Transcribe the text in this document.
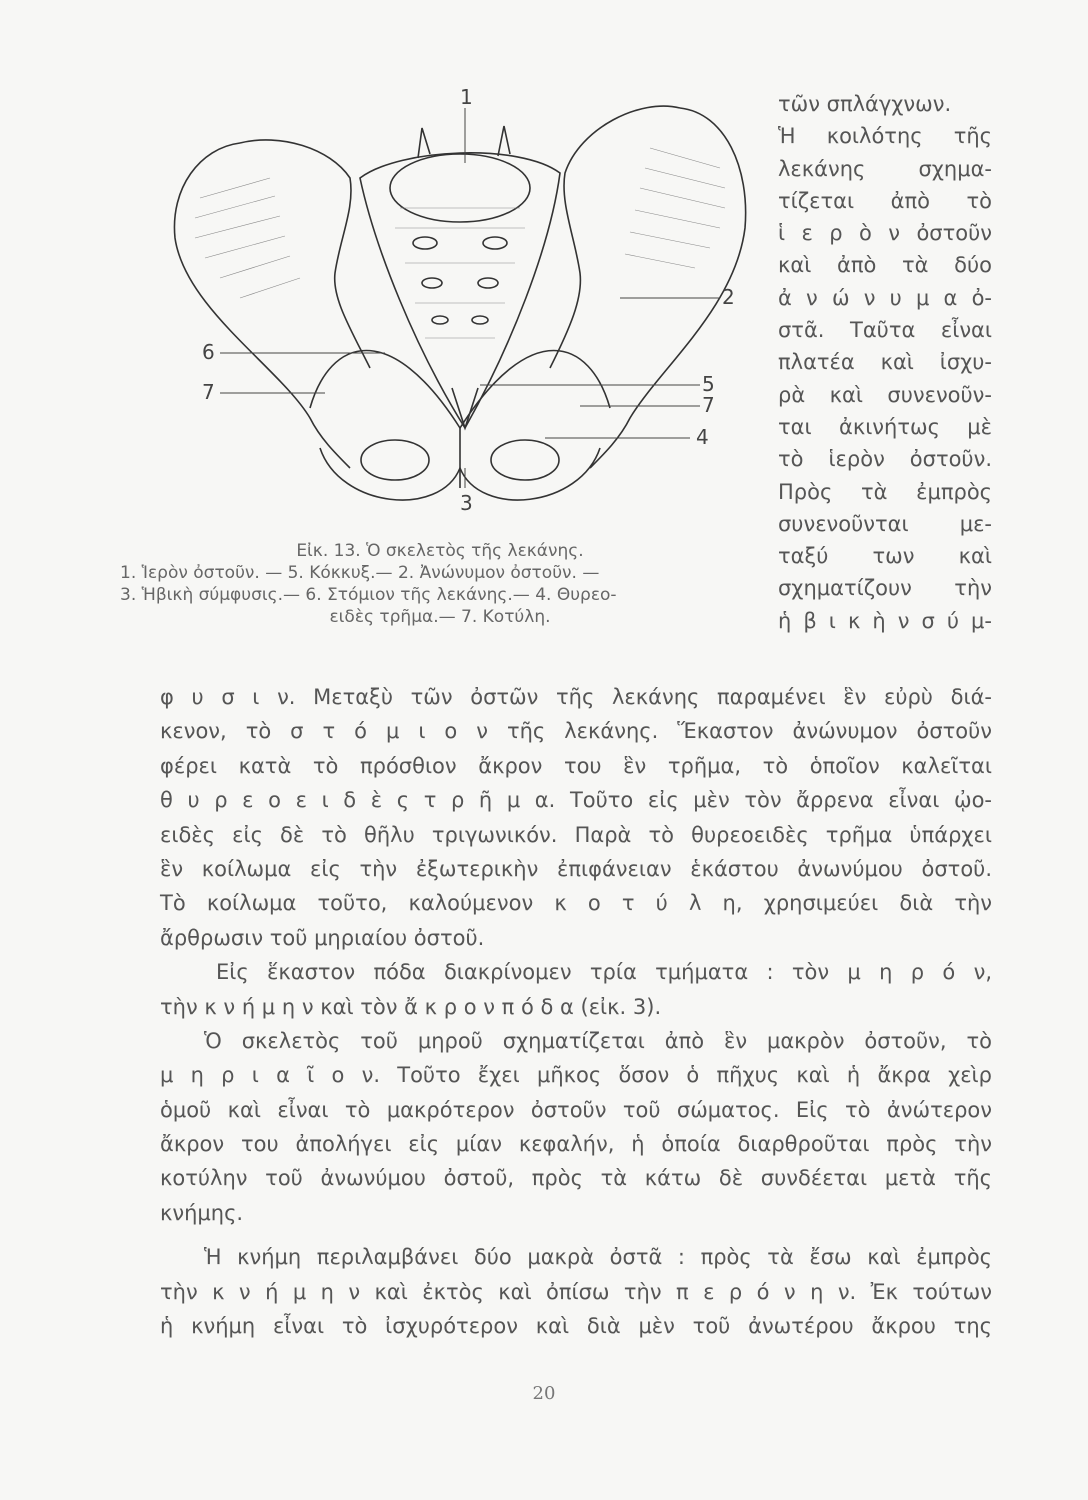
1
2
3
4
5
6
7
7
Εἰκ. 13. Ὁ σκελετὸς τῆς λεκάνης.
1. Ἱερὸν ὀστοῦν. — 5. Κόκκυξ.— 2. Ἀνώνυμον ὀστοῦν. —
3. Ἡβικὴ σύμφυσις.— 6. Στόμιον τῆς λεκάνης.— 4. Θυρεο-
ειδὲς τρῆμα.— 7. Κοτύλη.
τῶν σπλάγχνων.
Ἡ κοιλότης τῆς
λεκάνης σχημα-
τίζεται ἀπὸ τὸ
ἱ ε ρ ὸ ν ὀστοῦν
καὶ ἀπὸ τὰ δύο
ἀ ν ώ ν υ μ α ὀ-
στᾶ. Ταῦτα εἶναι
πλατέα καὶ ἰσχυ-
ρὰ καὶ συνενοῦν-
ται ἀκινήτως μὲ
τὸ ἱερὸν ὀστοῦν.
Πρὸς τὰ ἐμπρὸς
συνενοῦνται με-
ταξύ των καὶ
σχηματίζουν τὴν
ἡ β ι κ ὴ ν σ ύ μ-
φ υ σ ι ν. Μεταξὺ τῶν ὀστῶν τῆς λεκάνης παραμένει ἓν εὐρὺ διά-
κενον, τὸ σ τ ό μ ι ο ν τῆς λεκάνης. Ἕκαστον ἀνώνυμον ὀστοῦν
φέρει κατὰ τὸ πρόσθιον ἄκρον του ἓν τρῆμα, τὸ ὁποῖον καλεῖται
θ υ ρ ε ο ε ι δ ὲ ς τ ρ ῆ μ α. Τοῦτο εἰς μὲν τὸν ἄρρενα εἶναι ᾠο-
ειδὲς εἰς δὲ τὸ θῆλυ τριγωνικόν. Παρὰ τὸ θυρεοειδὲς τρῆμα ὑπάρχει
ἓν κοίλωμα εἰς τὴν ἐξωτερικὴν ἐπιφάνειαν ἑκάστου ἀνωνύμου ὀστοῦ.
Τὸ κοίλωμα τοῦτο, καλούμενον κ ο τ ύ λ η, χρησιμεύει διὰ τὴν
ἄρθρωσιν τοῦ μηριαίου ὀστοῦ.
Εἰς ἕκαστον πόδα διακρίνομεν τρία τμήματα : τὸν μ η ρ ό ν,
τὴν κ ν ή μ η ν καὶ τὸν ἄ κ ρ ο ν π ό δ α (εἰκ. 3).
Ὁ σκελετὸς τοῦ μηροῦ σχηματίζεται ἀπὸ ἓν μακρὸν ὀστοῦν, τὸ
μ η ρ ι α ῖ ο ν. Τοῦτο ἔχει μῆκος ὅσον ὁ πῆχυς καὶ ἡ ἄκρα χεὶρ
ὁμοῦ καὶ εἶναι τὸ μακρότερον ὀστοῦν τοῦ σώματος. Εἰς τὸ ἀνώτερον
ἄκρον του ἀπολήγει εἰς μίαν κεφαλήν, ἡ ὁποία διαρθροῦται πρὸς τὴν
κοτύλην τοῦ ἀνωνύμου ὀστοῦ, πρὸς τὰ κάτω δὲ συνδέεται μετὰ τῆς
κνήμης.
Ἡ κνήμη περιλαμβάνει δύο μακρὰ ὀστᾶ : πρὸς τὰ ἔσω καὶ ἐμπρὸς
τὴν κ ν ή μ η ν καὶ ἐκτὸς καὶ ὀπίσω τὴν π ε ρ ό ν η ν. Ἐκ τούτων
ἡ κνήμη εἶναι τὸ ἰσχυρότερον καὶ διὰ μὲν τοῦ ἀνωτέρου ἄκρου της
20
